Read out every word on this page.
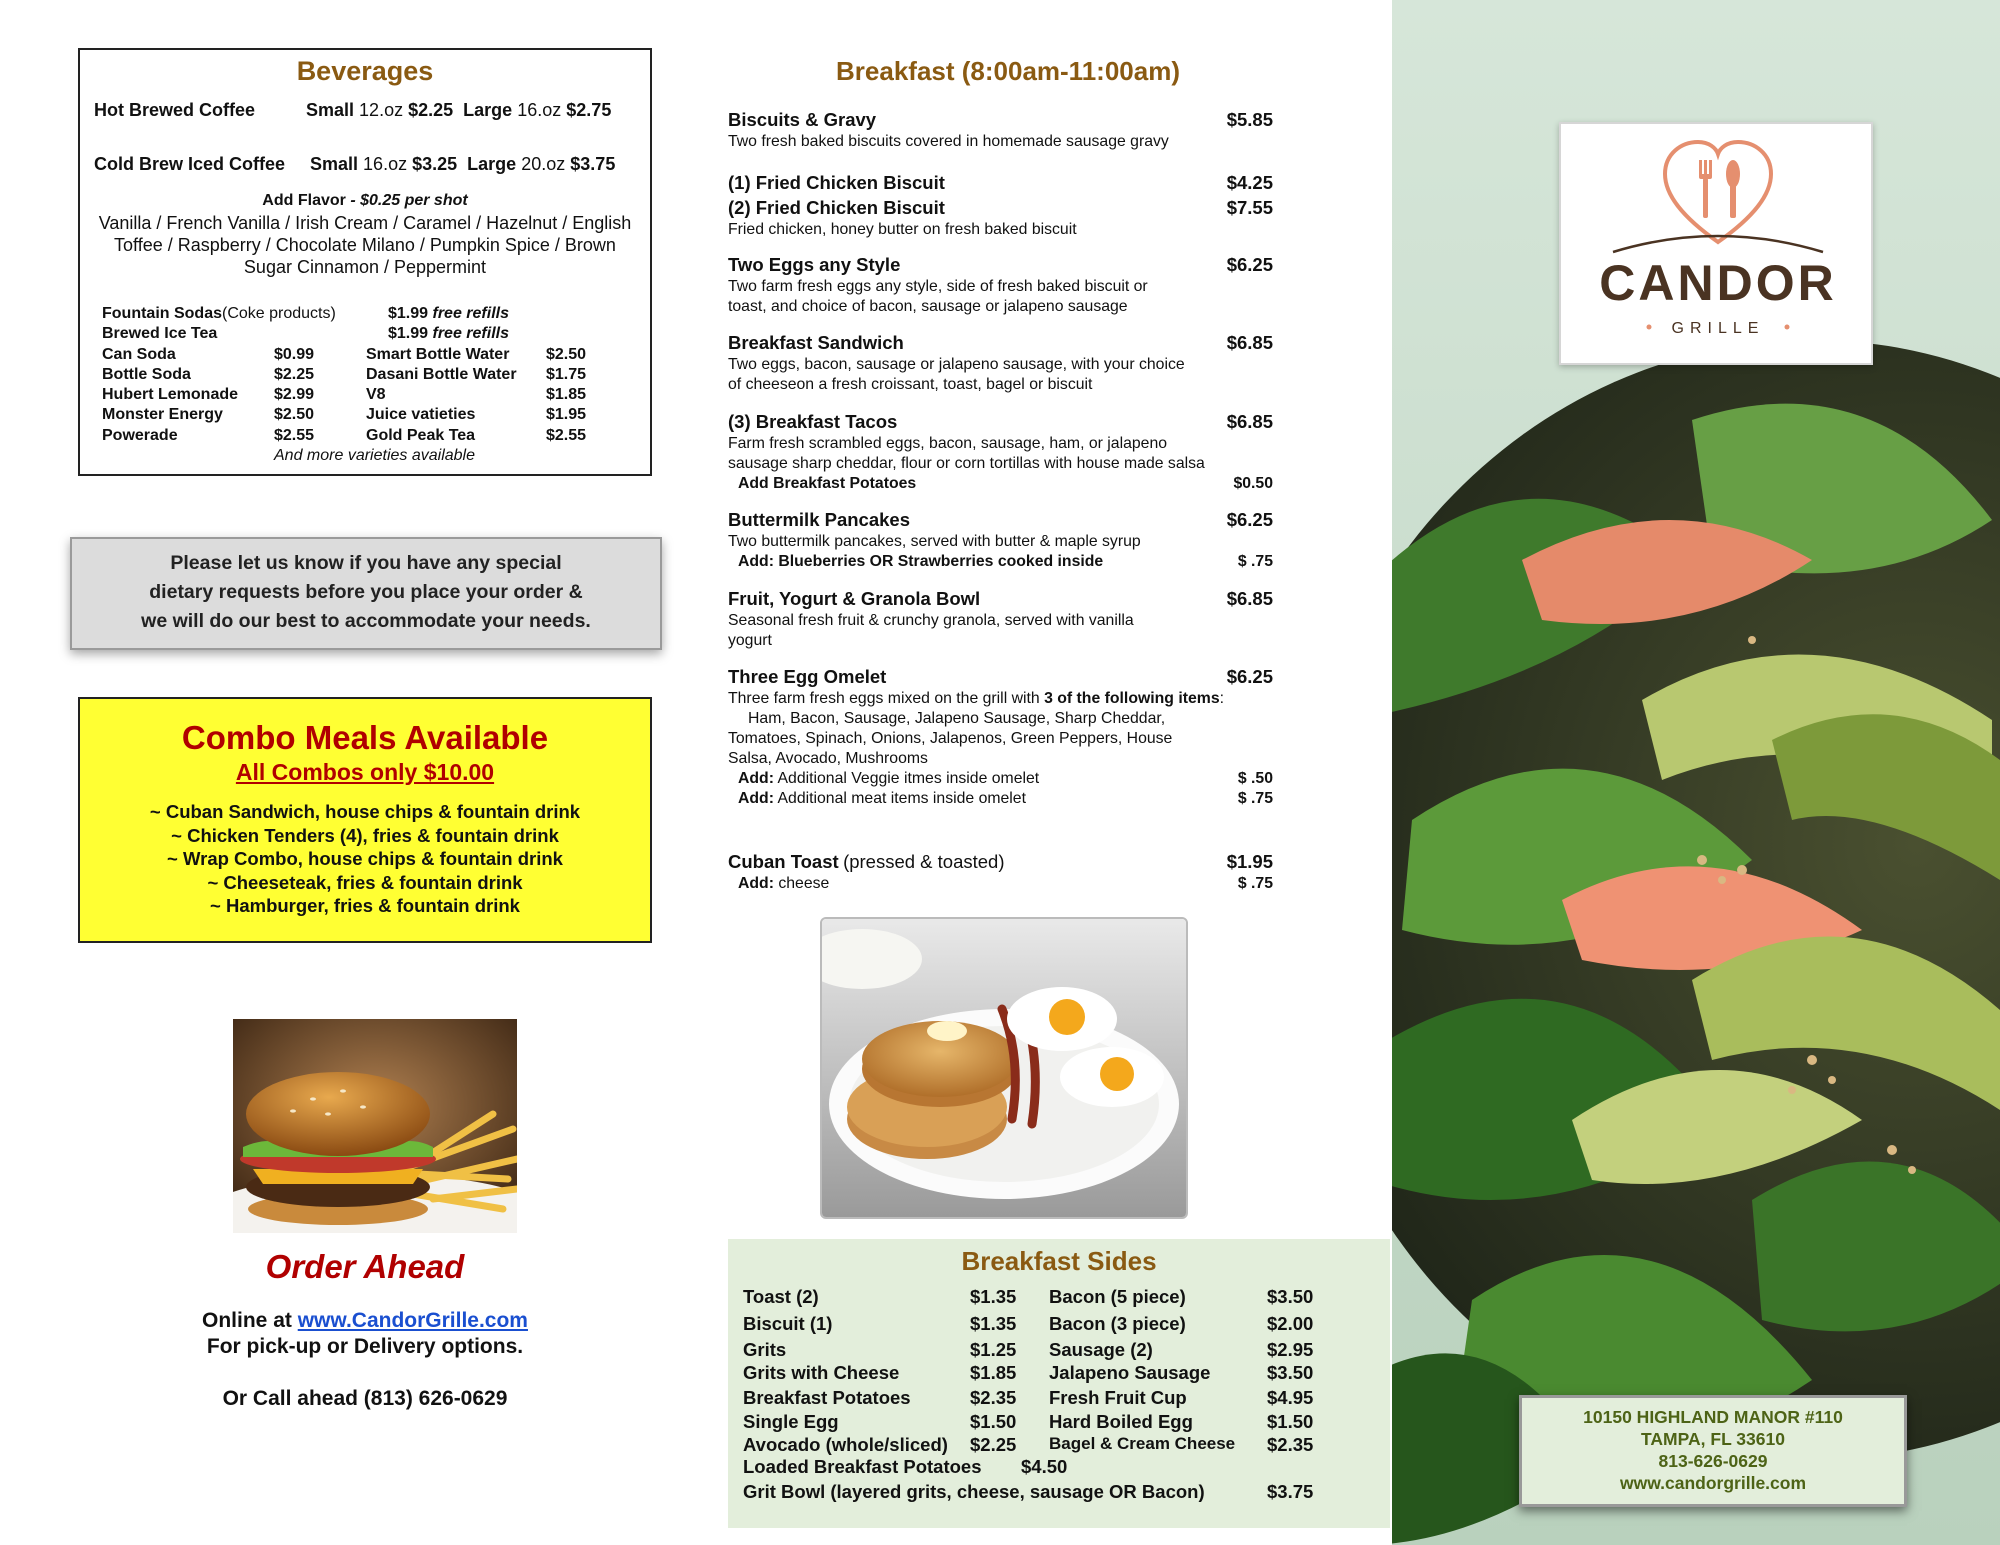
Beverages
Hot Brewed Coffee	Small 12.oz $2.25 Large 16.oz $2.75
Cold Brew Iced Coffee Small 16.oz $3.25 Large 20.oz $3.75
Add Flavor - $0.25 per shot
Vanilla / French Vanilla / Irish Cream / Caramel / Hazelnut / English Toffee / Raspberry / Chocolate Milano / Pumpkin Spice / Brown Sugar Cinnamon / Peppermint
Fountain Sodas (Coke products)	$1.99 free refills
Brewed Ice Tea	$1.99 free refills
Can Soda	$0.99	Smart Bottle Water $2.50
Bottle Soda	$2.25	Dasani Bottle Water $1.75
Hubert Lemonade $2.99	V8	$1.85
Monster Energy	$2.50	Juice vatieties	$1.95
Powerade	$2.55	Gold Peak Tea	$2.55
And more varieties available
Please let us know if you have any special
dietary requests before you place your order &
we will do our best to accommodate your needs.
Combo Meals Available
All Combos only $10.00
~ Cuban Sandwich, house chips & fountain drink
~ Chicken Tenders (4), fries & fountain drink
~ Wrap Combo, house chips & fountain drink
~ Cheeseteak, fries & fountain drink
~ Hamburger, fries & fountain drink
Order Ahead
Online at www.CandorGrille.com
For pick-up or Delivery options.
Or Call ahead (813) 626-0629
Breakfast (8:00am-11:00am)
Biscuits & Gravy	$5.85
Two fresh baked biscuits covered in homemade sausage gravy
(1) Fried Chicken Biscuit	$4.25
(2) Fried Chicken Biscuit	$7.55
Fried chicken, honey butter on fresh baked biscuit
Two Eggs any Style	$6.25
Two farm fresh eggs any style, side of fresh baked biscuit or
toast, and choice of bacon, sausage or jalapeno sausage
Breakfast Sandwich	$6.85
Two eggs, bacon, sausage or jalapeno sausage, with your choice
of cheeseon a fresh croissant, toast, bagel or biscuit
(3) Breakfast Tacos	$6.85
Farm fresh scrambled eggs, bacon, sausage, ham, or jalapeno
sausage sharp cheddar, flour or corn tortillas with house made salsa
Add Breakfast Potatoes	$0.50
Buttermilk Pancakes	$6.25
Two buttermilk pancakes, served with butter & maple syrup
Add: Blueberries OR Strawberries cooked inside	$ .75
Fruit, Yogurt & Granola Bowl	$6.85
Seasonal fresh fruit & crunchy granola, served with vanilla
yogurt
Three Egg Omelet	$6.25
Three farm fresh eggs mixed on the grill with 3 of the following items:
Ham, Bacon, Sausage, Jalapeno Sausage, Sharp Cheddar,
Tomatoes, Spinach, Onions, Jalapenos, Green Peppers, House
Salsa, Avocado, Mushrooms
Add: Additional Veggie itmes inside omelet	$ .50
Add: Additional meat items inside omelet	$ .75
Cuban Toast (pressed & toasted)	$1.95
Add: cheese	$ .75
Breakfast Sides
Toast (2)	$1.35 Bacon (5 piece)	$3.50
Biscuit (1)	$1.35 Bacon (3 piece)	$2.00
Grits	$1.25 Sausage (2)	$2.95
Grits with Cheese	$1.85 Jalapeno Sausage	$3.50
Breakfast Potatoes	$2.35 Fresh Fruit Cup	$4.95
Single Egg	$1.50 Hard Boiled Egg	$1.50
Avocado (whole/sliced) $2.25 Bagel & Cream Cheese $2.35
Loaded Breakfast Potatoes $4.50
Grit Bowl (layered grits, cheese, sausage OR Bacon)	$3.75
CANDOR
GRILLE
10150 HIGHLAND MANOR #110
TAMPA, FL 33610
813-626-0629
www.candorgrille.com
